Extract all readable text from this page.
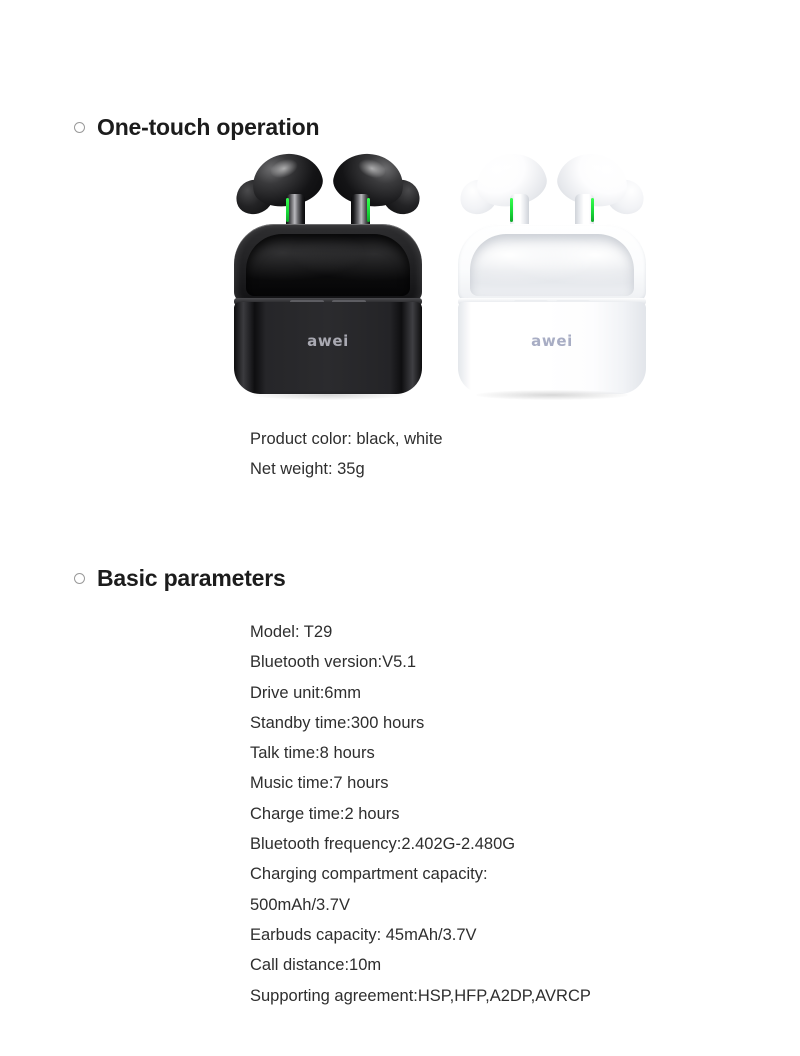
One-touch operation
awei	awei
Product color: black, white
Net weight: 35g
Basic parameters
Model: T29
Bluetooth version:V5.1
Drive unit:6mm
Standby time:300 hours
Talk time:8 hours
Music time:7 hours
Charge time:2 hours
Bluetooth frequency:2.402G-2.480G
Charging compartment capacity:
500mAh/3.7V
Earbuds capacity: 45mAh/3.7V
Call distance:10m
Supporting agreement:HSP,HFP,A2DP,AVRCP
